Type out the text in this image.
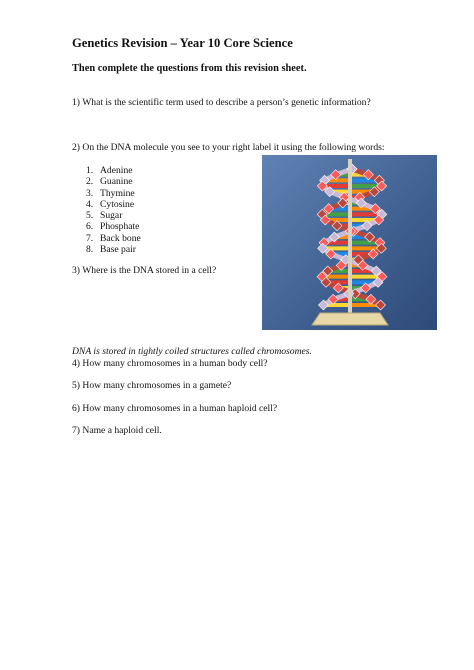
Genetics Revision – Year 10 Core Science
Then complete the questions from this revision sheet.
1) What is the scientific term used to describe a person’s genetic information?
2) On the DNA molecule you see to your right label it using the following words:
1. Adenine
2. Guanine
3. Thymine
4. Cytosine
5. Sugar
6. Phosphate
7. Back bone
8. Base pair
3) Where is the DNA stored in a cell?
DNA is stored in tightly coiled structures called chromosomes.
4) How many chromosomes in a human body cell?
5) How many chromosomes in a gamete?
6) How many chromosomes in a human haploid cell?
7) Name a haploid cell.
